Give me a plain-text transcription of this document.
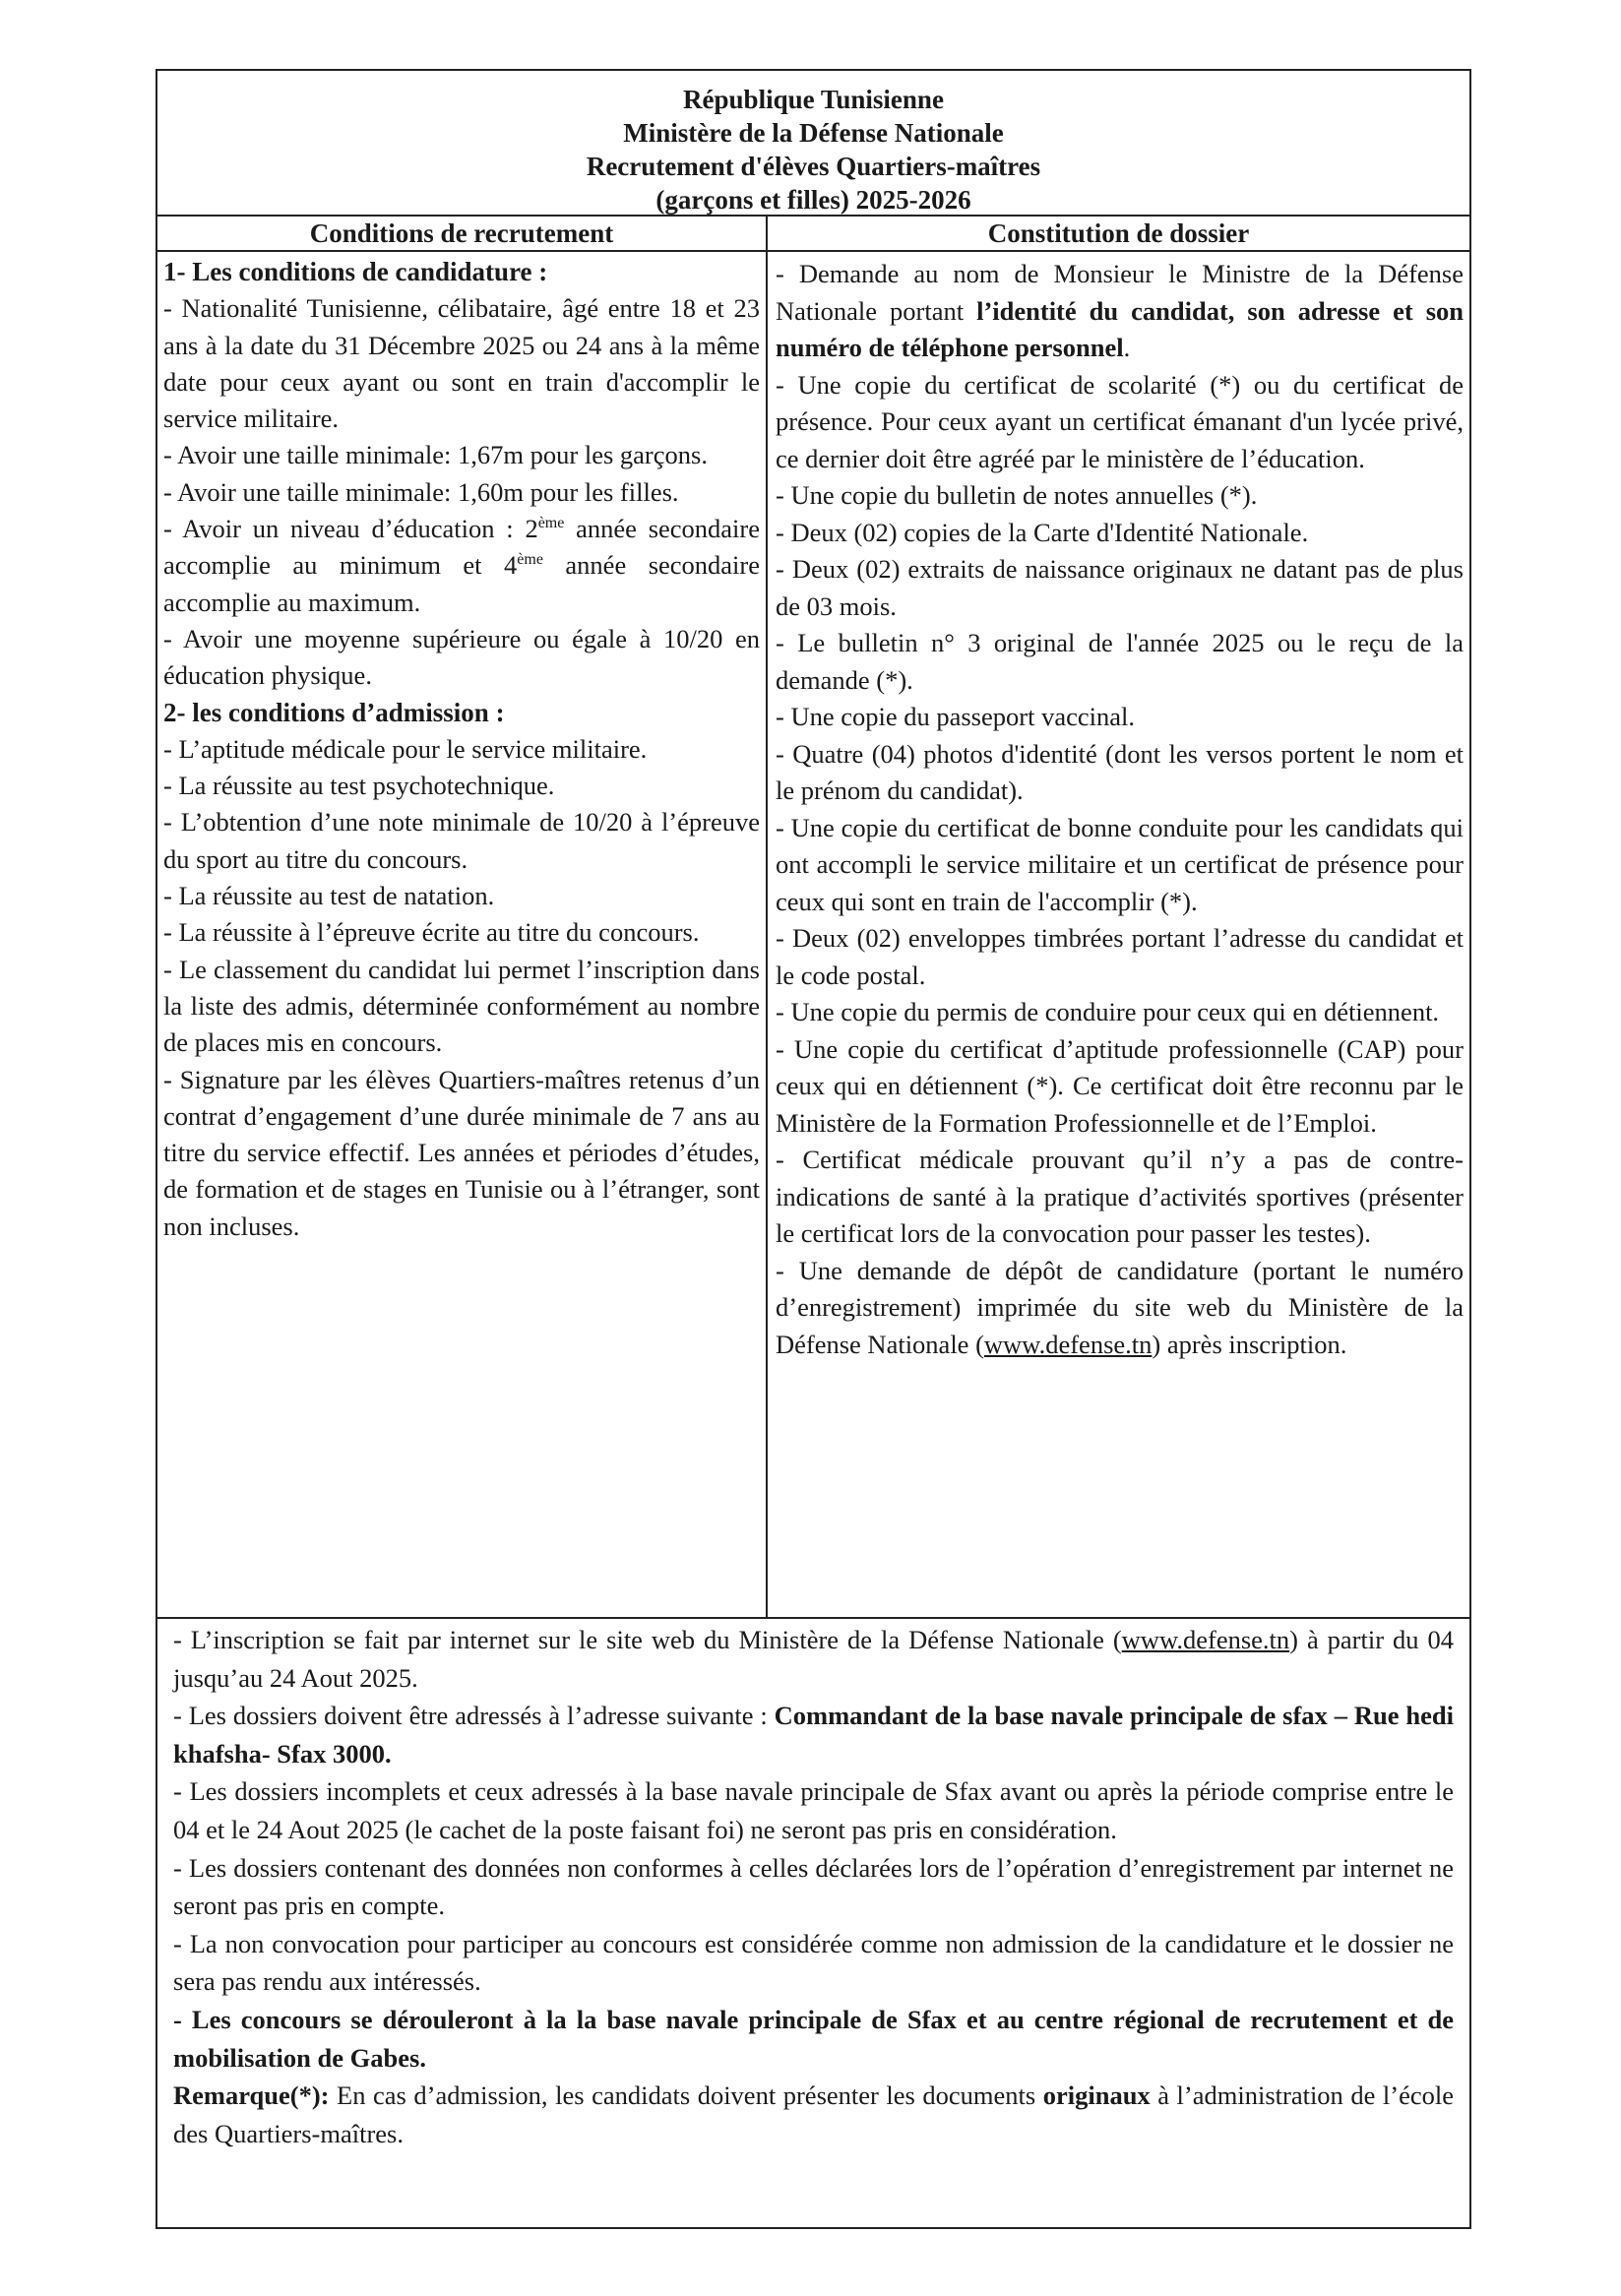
République Tunisienne
Ministère de la Défense Nationale
Recrutement d'élèves Quartiers-maîtres
(garçons et filles) 2025-2026
Conditions de recrutement

1- Les conditions de candidature :

- Nationalité Tunisienne, célibataire, âgé entre 18 et 23 ans à la date du 31 Décembre 2025 ou 24 ans à la même date pour ceux ayant ou sont en train d'accomplir le service militaire.

- Avoir une taille minimale: 1,67m pour les garçons.

- Avoir une taille minimale: 1,60m pour les filles.

- Avoir un niveau d’éducation : 2ème année secondaire accomplie au minimum et 4ème année secondaire accomplie au maximum.

- Avoir une moyenne supérieure ou égale à 10/20 en éducation physique.

2- les conditions d’admission :

- L’aptitude médicale pour le service militaire.

- La réussite au test psychotechnique.

- L’obtention d’une note minimale de 10/20 à l’épreuve du sport au titre du concours.

- La réussite au test de natation.

- La réussite à l’épreuve écrite au titre du concours.

- Le classement du candidat lui permet l’inscription dans la liste des admis, déterminée conformément au nombre de places mis en concours.

- Signature par les élèves Quartiers-maîtres retenus d’un contrat d’engagement d’une durée minimale de 7 ans au titre du service effectif. Les années et périodes d’études, de formation et de stages en Tunisie ou à l’étranger, sont non incluses.

Constitution de dossier

- Demande au nom de Monsieur le Ministre de la Défense Nationale portant l’identité du candidat, son adresse et son numéro de téléphone personnel.

- Une copie du certificat de scolarité (*) ou du certificat de présence. Pour ceux ayant un certificat émanant d'un lycée privé, ce dernier doit être agréé par le ministère de l’éducation.

- Une copie du bulletin de notes annuelles (*).

- Deux (02) copies de la Carte d'Identité Nationale.

- Deux (02) extraits de naissance originaux ne datant pas de plus de 03 mois.

- Le bulletin n° 3 original de l'année 2025 ou le reçu de la demande (*).

- Une copie du passeport vaccinal.

- Quatre (04) photos d'identité (dont les versos portent le nom et le prénom du candidat).

- Une copie du certificat de bonne conduite pour les candidats qui ont accompli le service militaire et un certificat de présence pour ceux qui sont en train de l'accomplir (*).

- Deux (02) enveloppes timbrées portant l’adresse du candidat et le code postal.

- Une copie du permis de conduire pour ceux qui en détiennent.

- Une copie du certificat d’aptitude professionnelle (CAP) pour ceux qui en détiennent (*). Ce certificat doit être reconnu par le Ministère de la Formation Professionnelle et de l’Emploi.

- Certificat médicale prouvant qu’il n’y a pas de contre-indications de santé à la pratique d’activités sportives (présenter le certificat lors de la convocation pour passer les testes).

- Une demande de dépôt de candidature (portant le numéro d’enregistrement) imprimée du site web du Ministère de la Défense Nationale (www.defense.tn) après inscription.

- L’inscription se fait par internet sur le site web du Ministère de la Défense Nationale (www.defense.tn) à partir du 04 jusqu’au 24 Aout 2025.

- Les dossiers doivent être adressés à l’adresse suivante : Commandant de la base navale principale de sfax – Rue hedi khafsha- Sfax 3000.

- Les dossiers incomplets et ceux adressés à la base navale principale de Sfax avant ou après la période comprise entre le 04 et le 24 Aout 2025 (le cachet de la poste faisant foi) ne seront pas pris en considération.

- Les dossiers contenant des données non conformes à celles déclarées lors de l’opération d’enregistrement par internet ne seront pas pris en compte.

- La non convocation pour participer au concours est considérée comme non admission de la candidature et le dossier ne sera pas rendu aux intéressés.

- Les concours se dérouleront à la la base navale principale de Sfax et au centre régional de recrutement et de mobilisation de Gabes.

Remarque(*): En cas d’admission, les candidats doivent présenter les documents originaux à l’administration de l’école des Quartiers-maîtres.
